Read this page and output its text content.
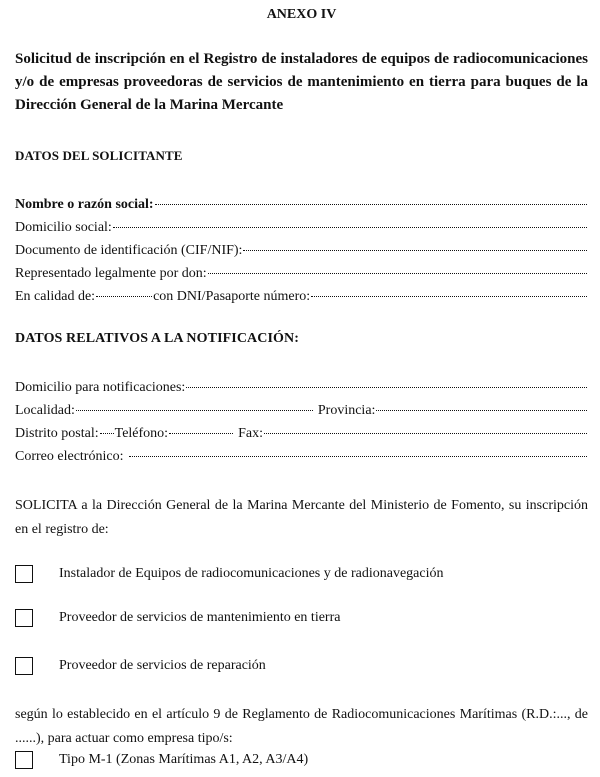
ANEXO IV
Solicitud de inscripción en el Registro de instaladores de equipos de radiocomunicaciones y/o de empresas proveedoras de servicios de mantenimiento en tierra para buques de la Dirección General de la Marina Mercante
DATOS DEL SOLICITANTE
Nombre o razón social:
Domicilio social:
Documento de identificación (CIF/NIF):
Representado legalmente por don:
En calidad de:	con DNI/Pasaporte número:
DATOS RELATIVOS A LA NOTIFICACIÓN:
Domicilio para notificaciones:
Localidad:	Provincia:
Distrito postal: Teléfono:	Fax:
Correo electrónico:
SOLICITA a la Dirección General de la Marina Mercante del Ministerio de Fomento, su inscripción en el registro de:
Instalador de Equipos de radiocomunicaciones y de radionavegación
Proveedor de servicios de mantenimiento en tierra
Proveedor de servicios de reparación
según lo establecido en el artículo 9 de Reglamento de Radiocomunicaciones Marítimas (R.D.:..., de ......), para actuar como empresa tipo/s:
Tipo M-1 (Zonas Marítimas A1, A2, A3/A4)
